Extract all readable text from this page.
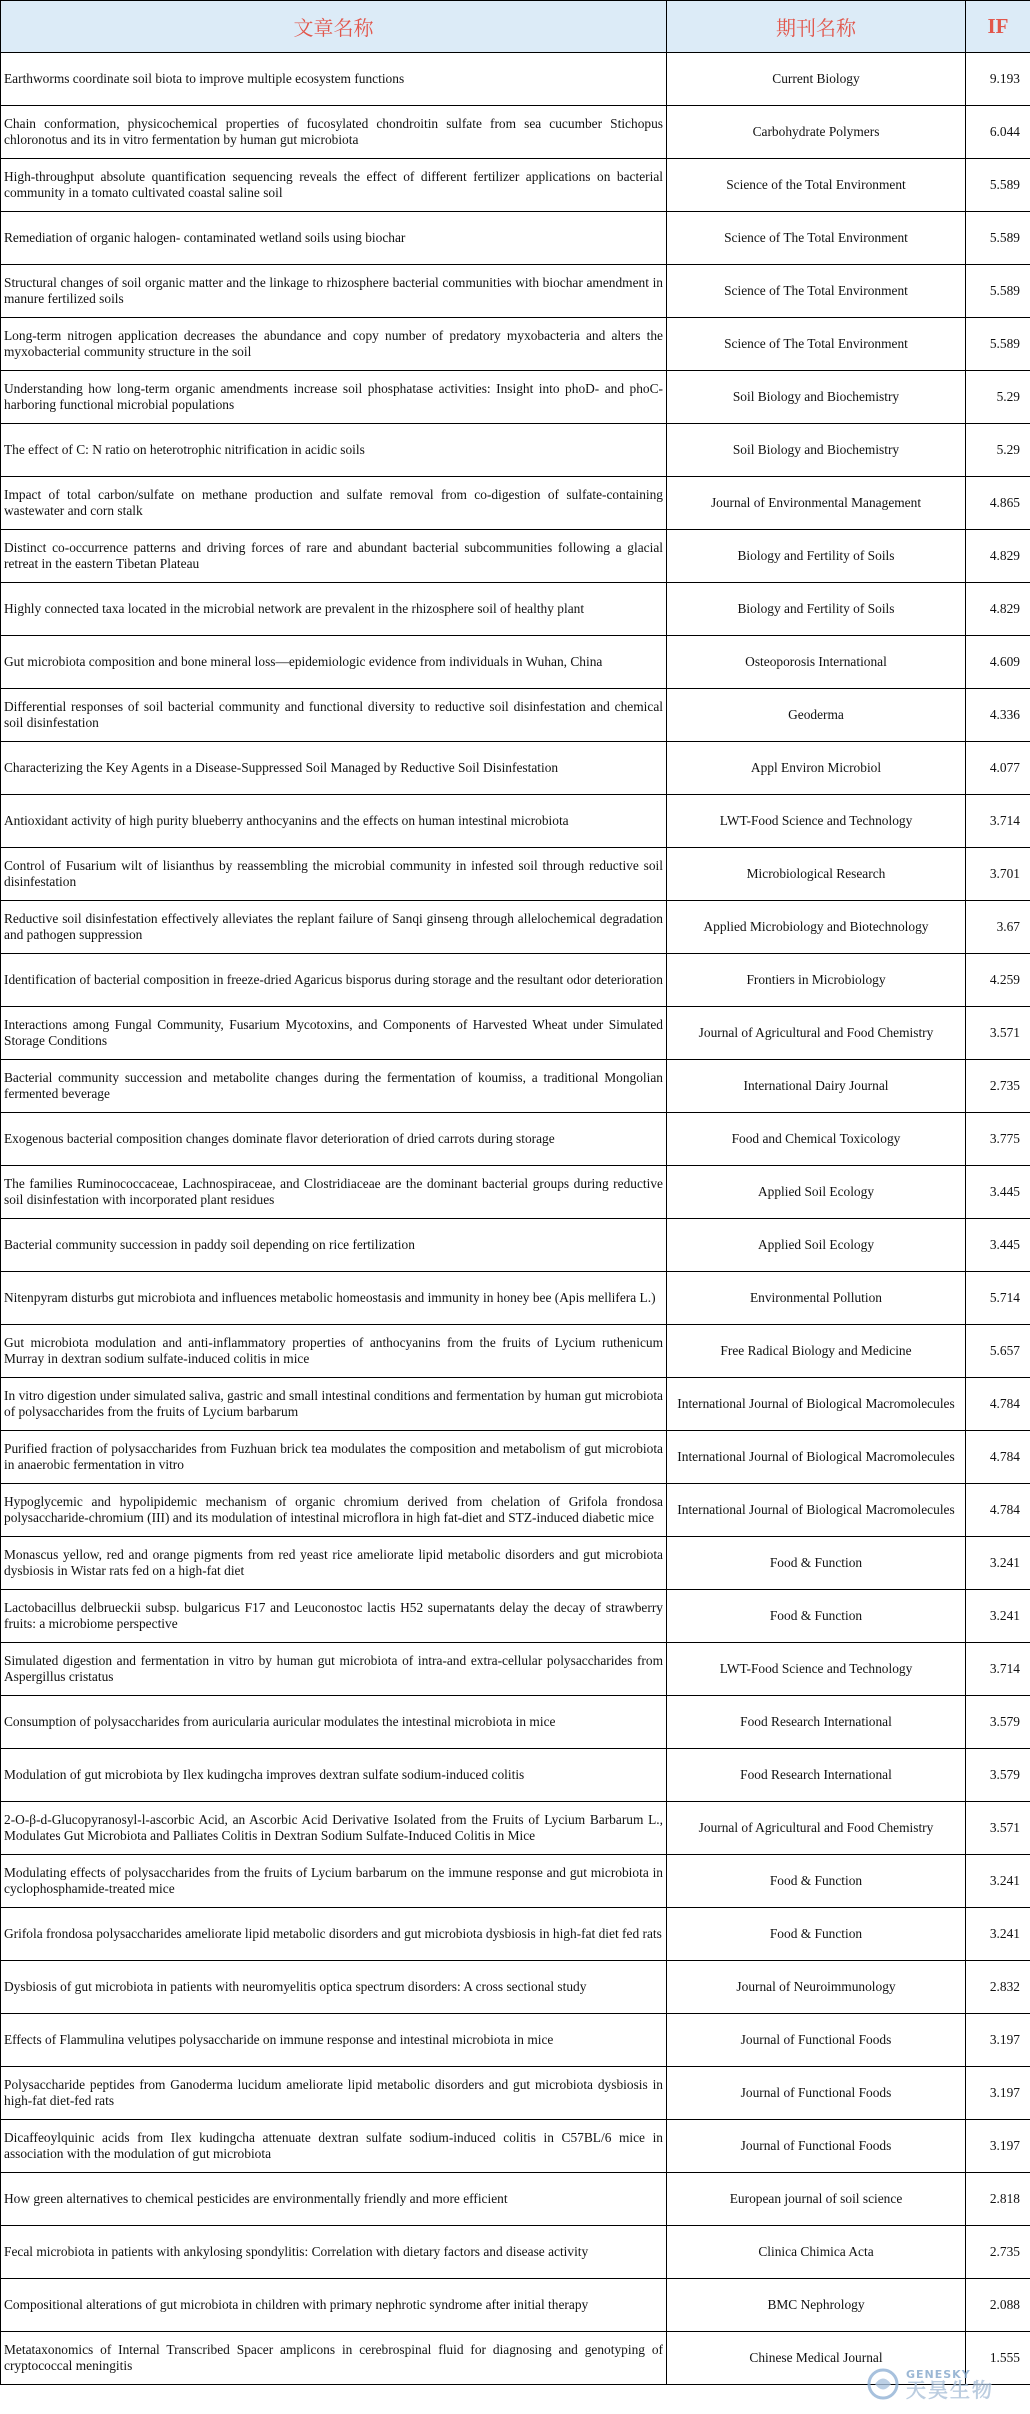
文章名称	期刊名称	IF
Earthworms coordinate soil biota to improve multiple ecosystem functions	Current Biology	9.193
Chain conformation, physicochemical properties of fucosylated chondroitin sulfate from sea cucumber Stichopus chloronotus and its in vitro fermentation by human gut microbiota	Carbohydrate Polymers	6.044
High-throughput absolute quantification sequencing reveals the effect of different fertilizer applications on bacterial community in a tomato cultivated coastal saline soil	Science of the Total Environment	5.589
Remediation of organic halogen- contaminated wetland soils using biochar	Science of The Total Environment	5.589
Structural changes of soil organic matter and the linkage to rhizosphere bacterial communities with biochar amendment in manure fertilized soils	Science of The Total Environment	5.589
Long-term nitrogen application decreases the abundance and copy number of predatory myxobacteria and alters the myxobacterial community structure in the soil	Science of The Total Environment	5.589
Understanding how long-term organic amendments increase soil phosphatase activities: Insight into phoD- and phoC-harboring functional microbial populations	Soil Biology and Biochemistry	5.29
The effect of C: N ratio on heterotrophic nitrification in acidic soils	Soil Biology and Biochemistry	5.29
Impact of total carbon/sulfate on methane production and sulfate removal from co-digestion of sulfate-containing wastewater and corn stalk	Journal of Environmental Management	4.865
Distinct co-occurrence patterns and driving forces of rare and abundant bacterial subcommunities following a glacial retreat in the eastern Tibetan Plateau	Biology and Fertility of Soils	4.829
Highly connected taxa located in the microbial network are prevalent in the rhizosphere soil of healthy plant	Biology and Fertility of Soils	4.829
Gut microbiota composition and bone mineral loss—epidemiologic evidence from individuals in Wuhan, China	Osteoporosis International	4.609
Differential responses of soil bacterial community and functional diversity to reductive soil disinfestation and chemical soil disinfestation	Geoderma	4.336
Characterizing the Key Agents in a Disease-Suppressed Soil Managed by Reductive Soil Disinfestation	Appl Environ Microbiol	4.077
Antioxidant activity of high purity blueberry anthocyanins and the effects on human intestinal microbiota	LWT-Food Science and Technology	3.714
Control of Fusarium wilt of lisianthus by reassembling the microbial community in infested soil through reductive soil disinfestation	Microbiological Research	3.701
Reductive soil disinfestation effectively alleviates the replant failure of Sanqi ginseng through allelochemical degradation and pathogen suppression	Applied Microbiology and Biotechnology	3.67
Identification of bacterial composition in freeze-dried Agaricus bisporus during storage and the resultant odor deterioration	Frontiers in Microbiology	4.259
Interactions among Fungal Community, Fusarium Mycotoxins, and Components of Harvested Wheat under Simulated Storage Conditions	Journal of Agricultural and Food Chemistry	3.571
Bacterial community succession and metabolite changes during the fermentation of koumiss, a traditional Mongolian fermented beverage	International Dairy Journal	2.735
Exogenous bacterial composition changes dominate flavor deterioration of dried carrots during storage	Food and Chemical Toxicology	3.775
The families Ruminococcaceae, Lachnospiraceae, and Clostridiaceae are the dominant bacterial groups during reductive soil disinfestation with incorporated plant residues	Applied Soil Ecology	3.445
Bacterial community succession in paddy soil depending on rice fertilization	Applied Soil Ecology	3.445
Nitenpyram disturbs gut microbiota and influences metabolic homeostasis and immunity in honey bee (Apis mellifera L.)	Environmental Pollution	5.714
Gut microbiota modulation and anti-inflammatory properties of anthocyanins from the fruits of Lycium ruthenicum Murray in dextran sodium sulfate-induced colitis in mice	Free Radical Biology and Medicine	5.657
In vitro digestion under simulated saliva, gastric and small intestinal conditions and fermentation by human gut microbiota of polysaccharides from the fruits of Lycium barbarum	International Journal of Biological Macromolecules	4.784
Purified fraction of polysaccharides from Fuzhuan brick tea modulates the composition and metabolism of gut microbiota in anaerobic fermentation in vitro	International Journal of Biological Macromolecules	4.784
Hypoglycemic and hypolipidemic mechanism of organic chromium derived from chelation of Grifola frondosa polysaccharide-chromium (III) and its modulation of intestinal microflora in high fat-diet and STZ-induced diabetic mice	International Journal of Biological Macromolecules	4.784
Monascus yellow, red and orange pigments from red yeast rice ameliorate lipid metabolic disorders and gut microbiota dysbiosis in Wistar rats fed on a high-fat diet	Food & Function	3.241
Lactobacillus delbrueckii subsp. bulgaricus F17 and Leuconostoc lactis H52 supernatants delay the decay of strawberry fruits: a microbiome perspective	Food & Function	3.241
Simulated digestion and fermentation in vitro by human gut microbiota of intra-and extra-cellular polysaccharides from Aspergillus cristatus	LWT-Food Science and Technology	3.714
Consumption of polysaccharides from auricularia auricular modulates the intestinal microbiota in mice	Food Research International	3.579
Modulation of gut microbiota by Ilex kudingcha improves dextran sulfate sodium-induced colitis	Food Research International	3.579
2-O-β-d-Glucopyranosyl-l-ascorbic Acid, an Ascorbic Acid Derivative Isolated from the Fruits of Lycium Barbarum L., Modulates Gut Microbiota and Palliates Colitis in Dextran Sodium Sulfate-Induced Colitis in Mice	Journal of Agricultural and Food Chemistry	3.571
Modulating effects of polysaccharides from the fruits of Lycium barbarum on the immune response and gut microbiota in cyclophosphamide-treated mice	Food & Function	3.241
Grifola frondosa polysaccharides ameliorate lipid metabolic disorders and gut microbiota dysbiosis in high-fat diet fed rats	Food & Function	3.241
Dysbiosis of gut microbiota in patients with neuromyelitis optica spectrum disorders: A cross sectional study	Journal of Neuroimmunology	2.832
Effects of Flammulina velutipes polysaccharide on immune response and intestinal microbiota in mice	Journal of Functional Foods	3.197
Polysaccharide peptides from Ganoderma lucidum ameliorate lipid metabolic disorders and gut microbiota dysbiosis in high-fat diet-fed rats	Journal of Functional Foods	3.197
Dicaffeoylquinic acids from Ilex kudingcha attenuate dextran sulfate sodium-induced colitis in C57BL/6 mice in association with the modulation of gut microbiota	Journal of Functional Foods	3.197
How green alternatives to chemical pesticides are environmentally friendly and more efficient	European journal of soil science	2.818
Fecal microbiota in patients with ankylosing spondylitis: Correlation with dietary factors and disease activity	Clinica Chimica Acta	2.735
Compositional alterations of gut microbiota in children with primary nephrotic syndrome after initial therapy	BMC Nephrology	2.088
Metataxonomics of Internal Transcribed Spacer amplicons in cerebrospinal fluid for diagnosing and genotyping of cryptococcal meningitis	Chinese Medical Journal	1.555
GENESKY
天昊生物
